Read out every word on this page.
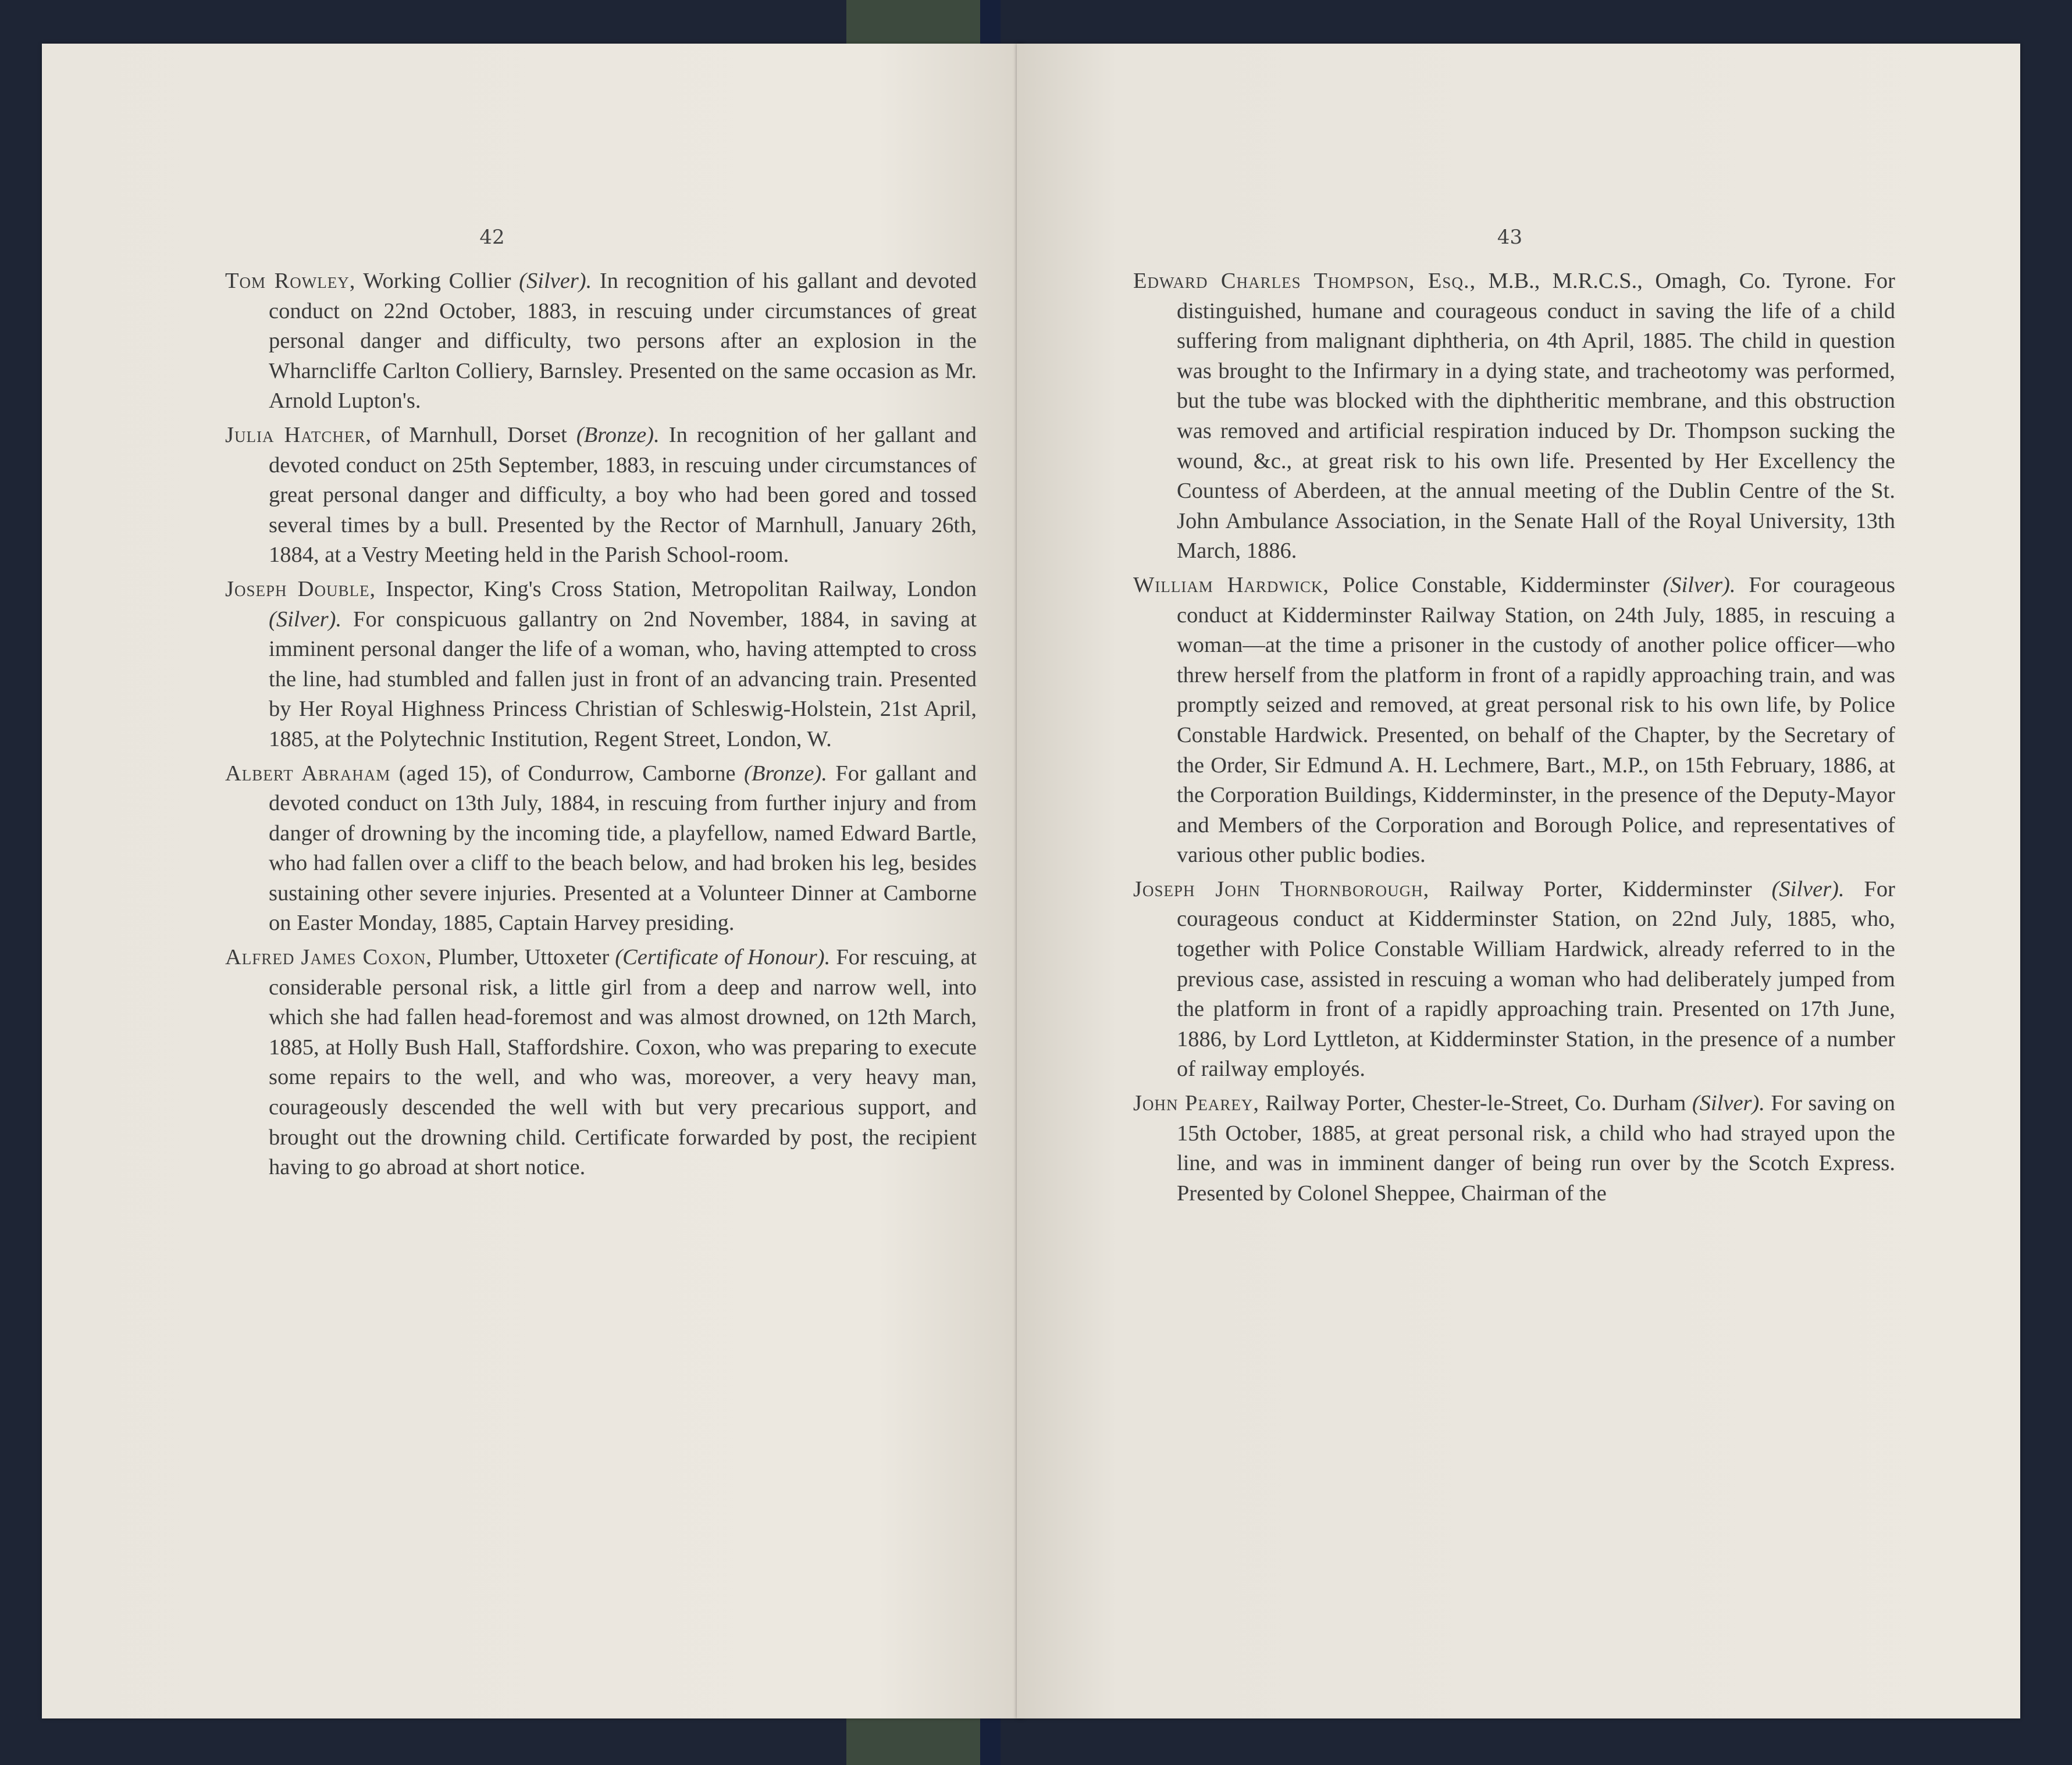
42

Tom Rowley, Working Collier (Silver). In recognition of his gallant and devoted conduct on 22nd October, 1883, in rescuing under circumstances of great personal danger and difficulty, two persons after an explosion in the Wharncliffe Carlton Colliery, Barnsley. Presented on the same occasion as Mr. Arnold Lupton's.

Julia Hatcher, of Marnhull, Dorset (Bronze). In recognition of her gallant and devoted conduct on 25th September, 1883, in rescuing under circumstances of great personal danger and difficulty, a boy who had been gored and tossed several times by a bull. Presented by the Rector of Marnhull, January 26th, 1884, at a Vestry Meeting held in the Parish School-room.

Joseph Double, Inspector, King's Cross Station, Metropolitan Railway, London (Silver). For conspicuous gallantry on 2nd November, 1884, in saving at imminent personal danger the life of a woman, who, having attempted to cross the line, had stumbled and fallen just in front of an advancing train. Presented by Her Royal Highness Princess Christian of Schleswig-Holstein, 21st April, 1885, at the Polytechnic Institution, Regent Street, London, W.

Albert Abraham (aged 15), of Condurrow, Camborne (Bronze). For gallant and devoted conduct on 13th July, 1884, in rescuing from further injury and from danger of drowning by the incoming tide, a playfellow, named Edward Bartle, who had fallen over a cliff to the beach below, and had broken his leg, besides sustaining other severe injuries. Presented at a Volunteer Dinner at Camborne on Easter Monday, 1885, Captain Harvey presiding.

Alfred James Coxon, Plumber, Uttoxeter (Certificate of Honour). For rescuing, at considerable personal risk, a little girl from a deep and narrow well, into which she had fallen head-foremost and was almost drowned, on 12th March, 1885, at Holly Bush Hall, Staffordshire. Coxon, who was preparing to execute some repairs to the well, and who was, moreover, a very heavy man, courageously descended the well with but very precarious support, and brought out the drowning child. Certificate forwarded by post, the recipient having to go abroad at short notice.

43

Edward Charles Thompson, Esq., M.B., M.R.C.S., Omagh, Co. Tyrone. For distinguished, humane and courageous conduct in saving the life of a child suffering from malignant diphtheria, on 4th April, 1885. The child in question was brought to the Infirmary in a dying state, and tracheotomy was performed, but the tube was blocked with the diphtheritic membrane, and this obstruction was removed and artificial respiration induced by Dr. Thompson sucking the wound, &c., at great risk to his own life. Presented by Her Excellency the Countess of Aberdeen, at the annual meeting of the Dublin Centre of the St. John Ambulance Association, in the Senate Hall of the Royal University, 13th March, 1886.

William Hardwick, Police Constable, Kidderminster (Silver). For courageous conduct at Kidderminster Railway Station, on 24th July, 1885, in rescuing a woman—at the time a prisoner in the custody of another police officer—who threw herself from the platform in front of a rapidly approaching train, and was promptly seized and removed, at great personal risk to his own life, by Police Constable Hardwick. Presented, on behalf of the Chapter, by the Secretary of the Order, Sir Edmund A. H. Lechmere, Bart., M.P., on 15th February, 1886, at the Corporation Buildings, Kidderminster, in the presence of the Deputy-Mayor and Members of the Corporation and Borough Police, and representatives of various other public bodies.

Joseph John Thornborough, Railway Porter, Kidderminster (Silver). For courageous conduct at Kidderminster Station, on 22nd July, 1885, who, together with Police Constable William Hardwick, already referred to in the previous case, assisted in rescuing a woman who had deliberately jumped from the platform in front of a rapidly approaching train. Presented on 17th June, 1886, by Lord Lyttleton, at Kidderminster Station, in the presence of a number of railway employés.

John Pearey, Railway Porter, Chester-le-Street, Co. Durham (Silver). For saving on 15th October, 1885, at great personal risk, a child who had strayed upon the line, and was in imminent danger of being run over by the Scotch Express. Presented by Colonel Sheppee, Chairman of the
